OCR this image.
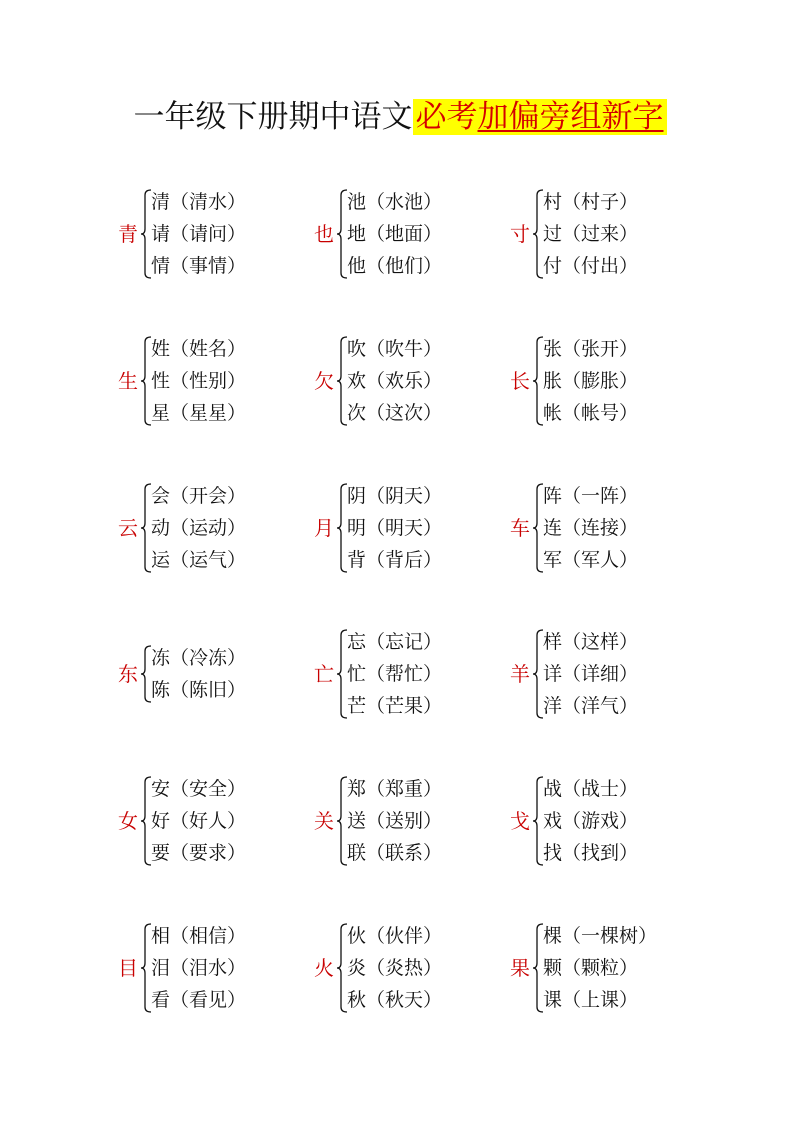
一年级下册期中语文必考加偏旁组新字
青
清（清水）
请（请问）
情（事情）
也
池（水池）
地（地面）
他（他们）
寸
村（村子）
过（过来）
付（付出）
生
姓（姓名）
性（性别）
星（星星）
欠
吹（吹牛）
欢（欢乐）
次（这次）
长
张（张开）
胀（膨胀）
帐（帐号）
云
会（开会）
动（运动）
运（运气）
月
阴（阴天）
明（明天）
背（背后）
车
阵（一阵）
连（连接）
军（军人）
东
冻（冷冻）
陈（陈旧）
亡
忘（忘记）
忙（帮忙）
芒（芒果）
羊
样（这样）
详（详细）
洋（洋气）
女
安（安全）
好（好人）
要（要求）
关
郑（郑重）
送（送别）
联（联系）
戈
战（战士）
戏（游戏）
找（找到）
目
相（相信）
泪（泪水）
看（看见）
火
伙（伙伴）
炎（炎热）
秋（秋天）
果
棵（一棵树）
颗（颗粒）
课（上课）
